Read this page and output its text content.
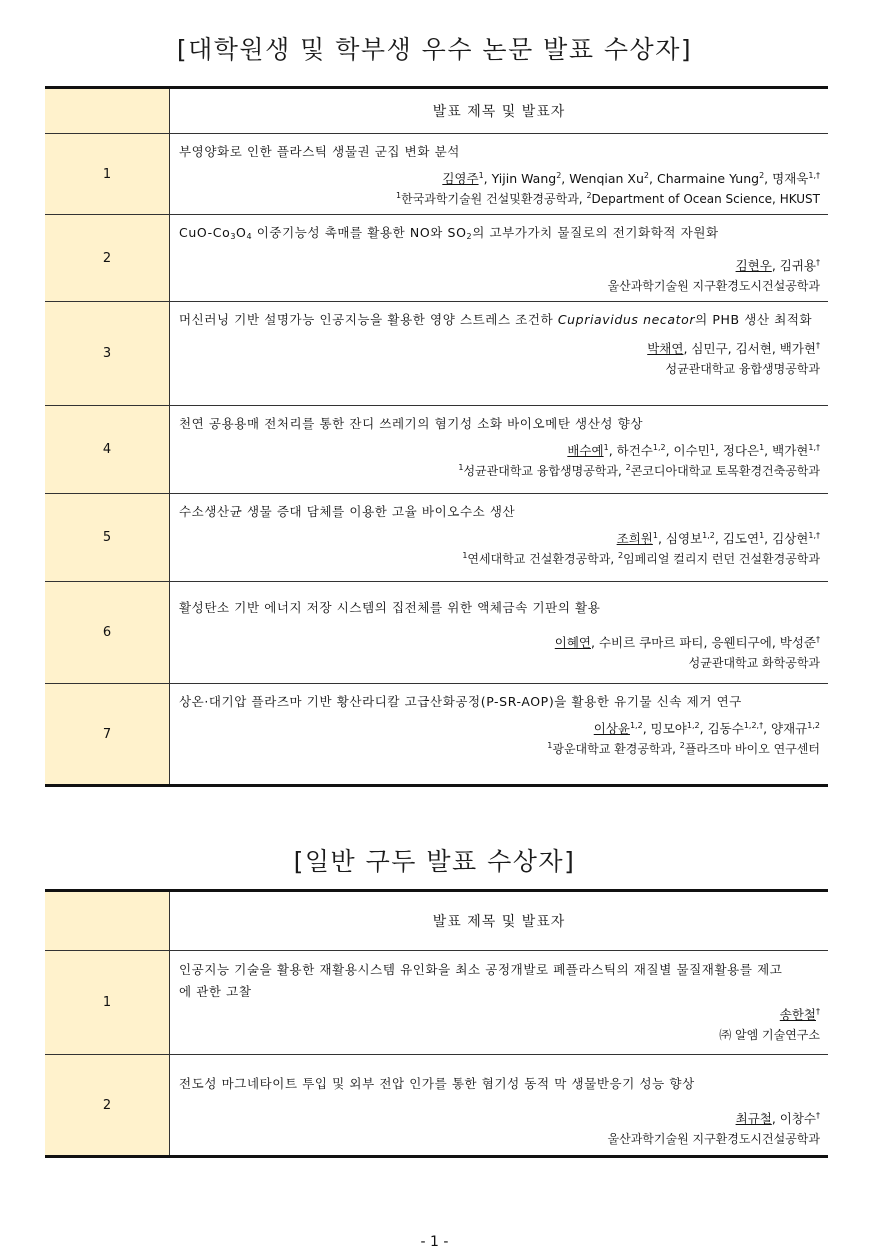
[대학원생 및 학부생 우수 논문 발표 수상자]
	발표 제목 및 발표자
1	부영양화로 인한 플라스틱 생물권 군집 변화 분석

김영주$^1$, Yijin Wang$^2$, Wenqian Xu$^2$, Charmaine Yung$^2$, 명재욱$^{1,\dagger}$
$^1$한국과학기술원 건설및환경공학과, $^2$Department of Ocean Science, HKUST

2	CuO-$Co_3O_4$ 이중기능성 촉매를 활용한 NO와 $SO_2$의 고부가가치 물질로의 전기화학적 자원화

김현우, 김귀용†
울산과학기술원 지구환경도시건설공학과

3	머신러닝 기반 설명가능 인공지능을 활용한 영양 스트레스 조건하 Cupriavidus necator의 PHB 생산 최적화

박채연, 심민구, 김서현, 백가현†
성균관대학교 융합생명공학과

4	천연 공용용매 전처리를 통한 잔디 쓰레기의 혐기성 소화 바이오메탄 생산성 향상

배수예$^1$, 하건수$^{1,2}$, 이수민$^1$, 정다은$^1$, 백가현$^{1,\dagger}$
$^1$성균관대학교 융합생명공학과, $^2$콘코디아대학교 토목환경건축공학과

5	수소생산균 생물 증대 담체를 이용한 고율 바이오수소 생산

조희원$^1$, 심영보$^{1,2}$, 김도연$^1$, 김상현$^{1,\dagger}$
$^1$연세대학교 건설환경공학과, $^2$임페리얼 컬리지 런던 건설환경공학과

6	활성탄소 기반 에너지 저장 시스템의 집전체를 위한 액체금속 기판의 활용

이혜연, 수비르 쿠마르 파티, 응웬티구에, 박성준†
성균관대학교 화학공학과

7	상온·대기압 플라즈마 기반 황산라디칼 고급산화공정(P-SR-AOP)을 활용한 유기물 신속 제거 연구

이상윤$^{1,2}$, 밍모야$^{1,2}$, 김동수$^{1,2,\dagger}$, 양재규$^{1,2}$
$^1$광운대학교 환경공학과, $^2$플라즈마 바이오 연구센터
[일반 구두 발표 수상자]
	발표 제목 및 발표자
1	인공지능 기술을 활용한 재활용시스템 유인화을 최소 공정개발로 폐플라스틱의 재질별 물질재활용를 제고에 관한 고찰

송한철†
㈜ 알엠 기술연구소

2	전도성 마그네타이트 투입 및 외부 전압 인가를 통한 혐기성 동적 막 생물반응기 성능 향상

최규철, 이창수†
울산과학기술원 지구환경도시건설공학과
- 1 -
